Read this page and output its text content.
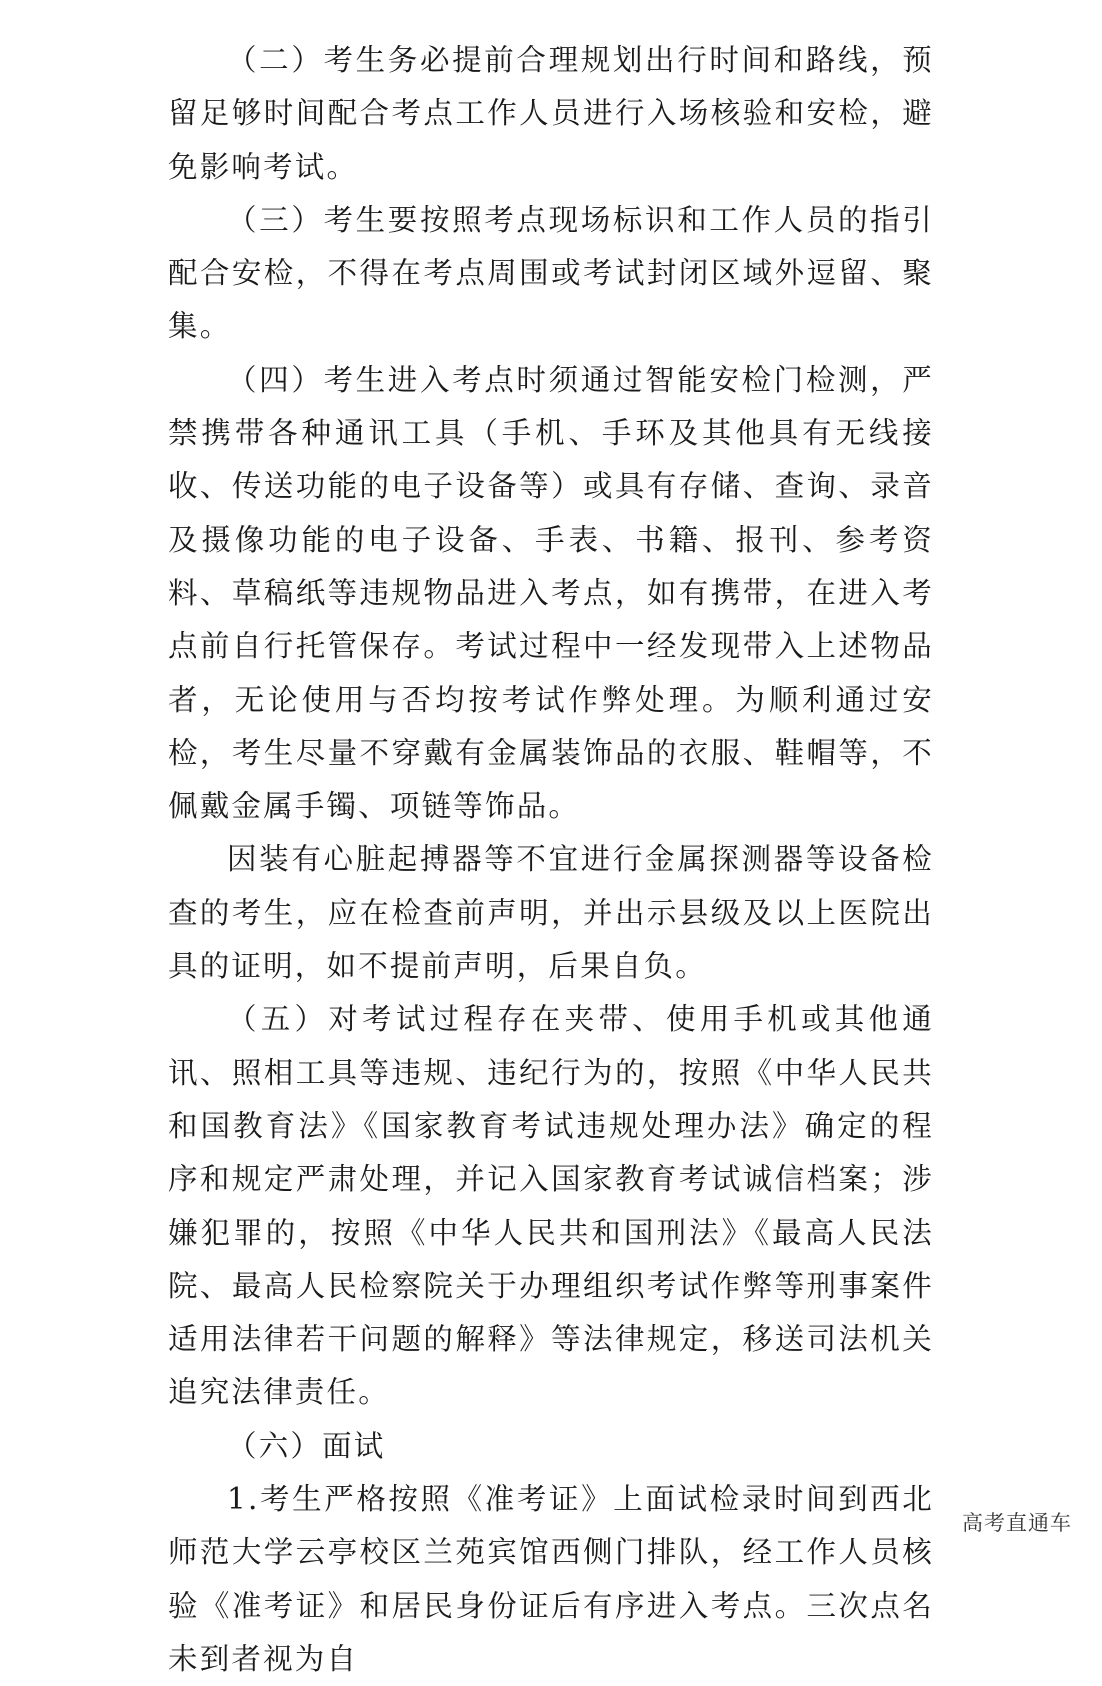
（二）考生务必提前合理规划出行时间和路线，预留足够时间配合考点工作人员进行入场核验和安检，避免影响考试。

（三）考生要按照考点现场标识和工作人员的指引配合安检，不得在考点周围或考试封闭区域外逗留、聚集。

（四）考生进入考点时须通过智能安检门检测，严禁携带各种通讯工具（手机、手环及其他具有无线接收、传送功能的电子设备等）或具有存储、查询、录音及摄像功能的电子设备、手表、书籍、报刊、参考资料、草稿纸等违规物品进入考点，如有携带，在进入考点前自行托管保存。考试过程中一经发现带入上述物品者，无论使用与否均按考试作弊处理。为顺利通过安检，考生尽量不穿戴有金属装饰品的衣服、鞋帽等，不佩戴金属手镯、项链等饰品。

因装有心脏起搏器等不宜进行金属探测器等设备检查的考生，应在检查前声明，并出示县级及以上医院出具的证明，如不提前声明，后果自负。

（五）对考试过程存在夹带、使用手机或其他通讯、照相工具等违规、违纪行为的，按照《中华人民共和国教育法》《国家教育考试违规处理办法》确定的程序和规定严肃处理，并记入国家教育考试诚信档案；涉嫌犯罪的，按照《中华人民共和国刑法》《最高人民法院、最高人民检察院关于办理组织考试作弊等刑事案件适用法律若干问题的解释》等法律规定，移送司法机关追究法律责任。

（六）面试

1.考生严格按照《准考证》上面试检录时间到西北师范大学云亭校区兰苑宾馆西侧门排队，经工作人员核验《准考证》和居民身份证后有序进入考点。三次点名未到者视为自

高考直通车
